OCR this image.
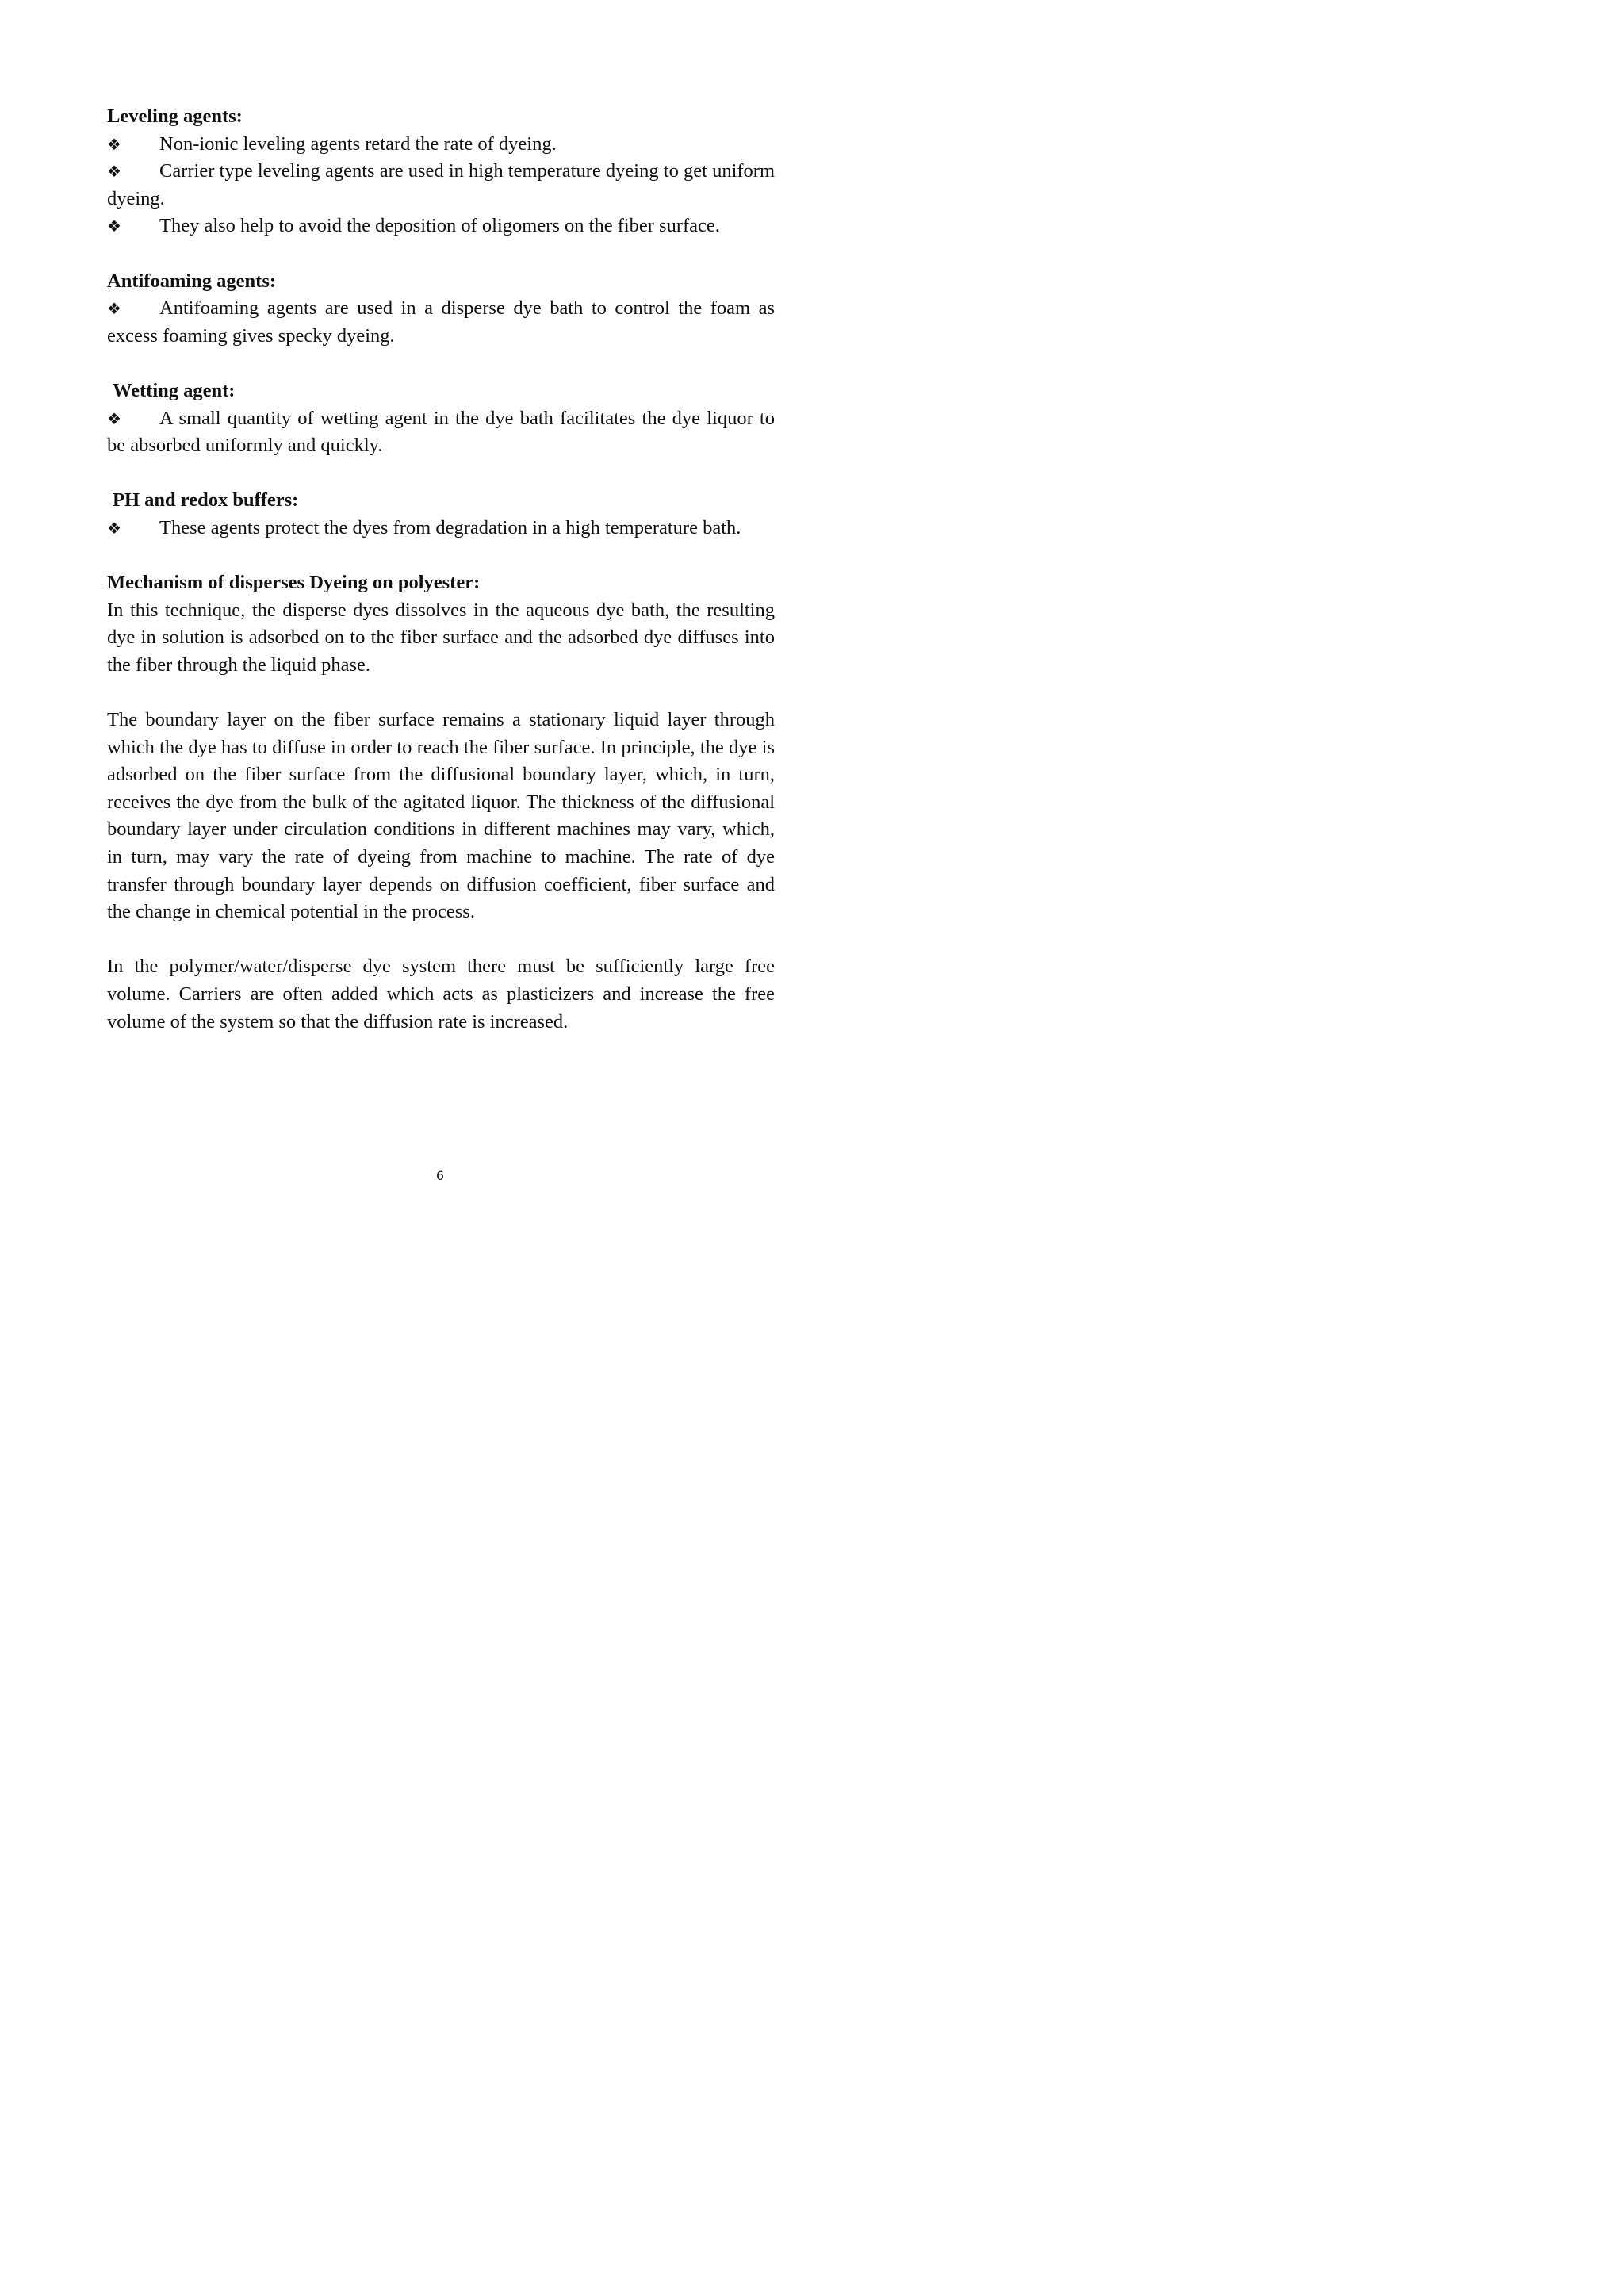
Leveling agents:

❖ Non-ionic leveling agents retard the rate of dyeing.

❖ Carrier type leveling agents are used in high temperature dyeing to get uniform dyeing.

❖ They also help to avoid the deposition of oligomers on the fiber surface.

Antifoaming agents:

❖ Antifoaming agents are used in a disperse dye bath to control the foam as excess foaming gives specky dyeing.

Wetting agent:

❖ A small quantity of wetting agent in the dye bath facilitates the dye liquor to be absorbed uniformly and quickly.

PH and redox buffers:

❖ These agents protect the dyes from degradation in a high temperature bath.

Mechanism of disperses Dyeing on polyester:

In this technique, the disperse dyes dissolves in the aqueous dye bath, the resulting dye in solution is adsorbed on to the fiber surface and the adsorbed dye diffuses into the fiber through the liquid phase.

The boundary layer on the fiber surface remains a stationary liquid layer through which the dye has to diffuse in order to reach the fiber surface. In principle, the dye is adsorbed on the fiber surface from the diffusional boundary layer, which, in turn, receives the dye from the bulk of the agitated liquor. The thickness of the diffusional boundary layer under circulation conditions in different machines may vary, which, in turn, may vary the rate of dyeing from machine to machine. The rate of dye transfer through boundary layer depends on diffusion coefficient, fiber surface and the change in chemical potential in the process.

In the polymer/water/disperse dye system there must be sufficiently large free volume. Carriers are often added which acts as plasticizers and increase the free volume of the system so that the diffusion rate is increased.

6
